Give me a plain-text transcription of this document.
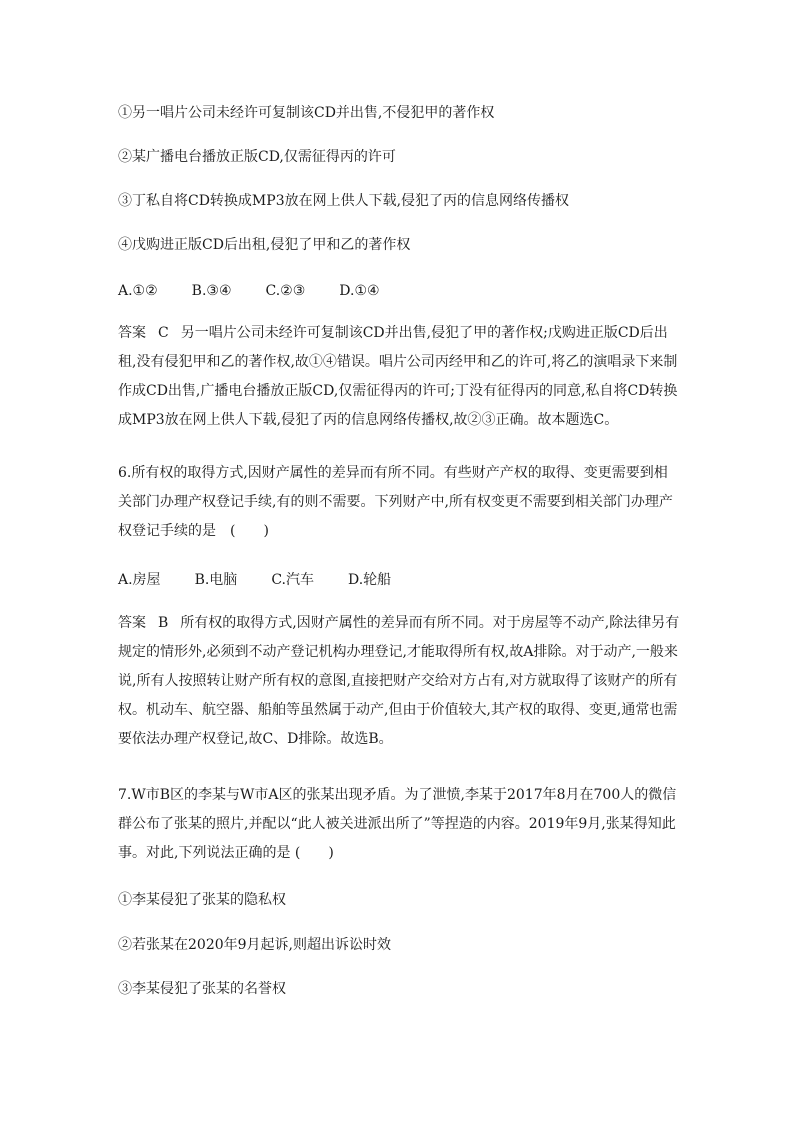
①另一唱片公司未经许可复制该CD并出售,不侵犯甲的著作权
②某广播电台播放正版CD,仅需征得丙的许可
③丁私自将CD转换成MP3放在网上供人下载,侵犯了丙的信息网络传播权
④戊购进正版CD后出租,侵犯了甲和乙的著作权
A.①② B.③④ C.②③ D.①④
答案 C 另一唱片公司未经许可复制该CD并出售,侵犯了甲的著作权;戊购进正版CD后出租,没有侵犯甲和乙的著作权,故①④错误。唱片公司丙经甲和乙的许可,将乙的演唱录下来制作成CD出售,广播电台播放正版CD,仅需征得丙的许可;丁没有征得丙的同意,私自将CD转换成MP3放在网上供人下载,侵犯了丙的信息网络传播权,故②③正确。故本题选C。
6.所有权的取得方式,因财产属性的差异而有所不同。有些财产产权的取得、变更需要到相关部门办理产权登记手续,有的则不需要。下列财产中,所有权变更不需要到相关部门办理产权登记手续的是　(　　)
A.房屋 B.电脑 C.汽车 D.轮船
答案 B 所有权的取得方式,因财产属性的差异而有所不同。对于房屋等不动产,除法律另有规定的情形外,必须到不动产登记机构办理登记,才能取得所有权,故A排除。对于动产,一般来说,所有人按照转让财产所有权的意图,直接把财产交给对方占有,对方就取得了该财产的所有权。机动车、航空器、船舶等虽然属于动产,但由于价值较大,其产权的取得、变更,通常也需要依法办理产权登记,故C、D排除。故选B。
7.W市B区的李某与W市A区的张某出现矛盾。为了泄愤,李某于2017年8月在700人的微信群公布了张某的照片,并配以“此人被关进派出所了”等捏造的内容。2019年9月,张某得知此事。对此,下列说法正确的是 (　　)
①李某侵犯了张某的隐私权
②若张某在2020年9月起诉,则超出诉讼时效
③李某侵犯了张某的名誉权
